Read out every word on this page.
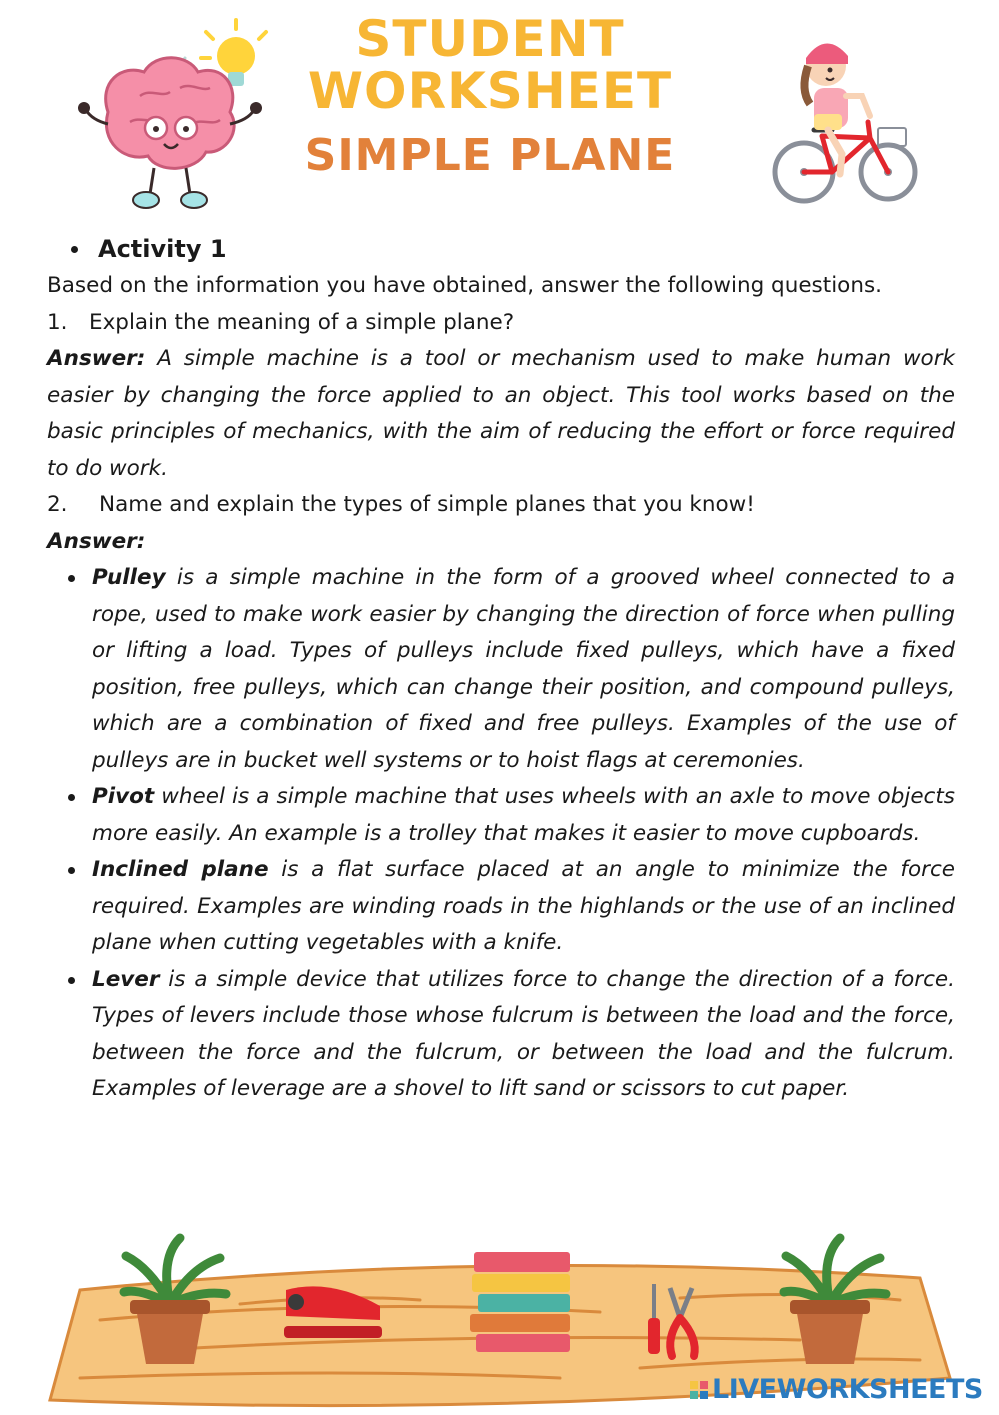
STUDENT
WORKSHEET
SIMPLE PLANE
Activity 1

Based on the information you have obtained, answer the following questions.

1. Explain the meaning of a simple plane?

Answer: A simple machine is a tool or mechanism used to make human work easier by changing the force applied to an object. This tool works based on the basic principles of mechanics, with the aim of reducing the effort or force required to do work.

2.	Name and explain the types of simple planes that you know!

Answer:

Pulley is a simple machine in the form of a grooved wheel connected to a rope, used to make work easier by changing the direction of force when pulling or lifting a load. Types of pulleys include fixed pulleys, which have a fixed position, free pulleys, which can change their position, and compound pulleys, which are a combination of fixed and free pulleys. Examples of the use of pulleys are in bucket well systems or to hoist flags at ceremonies.
Pivot wheel is a simple machine that uses wheels with an axle to move objects more easily. An example is a trolley that makes it easier to move cupboards.
Inclined plane is a flat surface placed at an angle to minimize the force required. Examples are winding roads in the highlands or the use of an inclined plane when cutting vegetables with a knife.
Lever is a simple device that utilizes force to change the direction of a force. Types of levers include those whose fulcrum is between the load and the force, between the force and the fulcrum, or between the load and the fulcrum. Examples of leverage are a shovel to lift sand or scissors to cut paper.
LIVEWORKSHEETS
